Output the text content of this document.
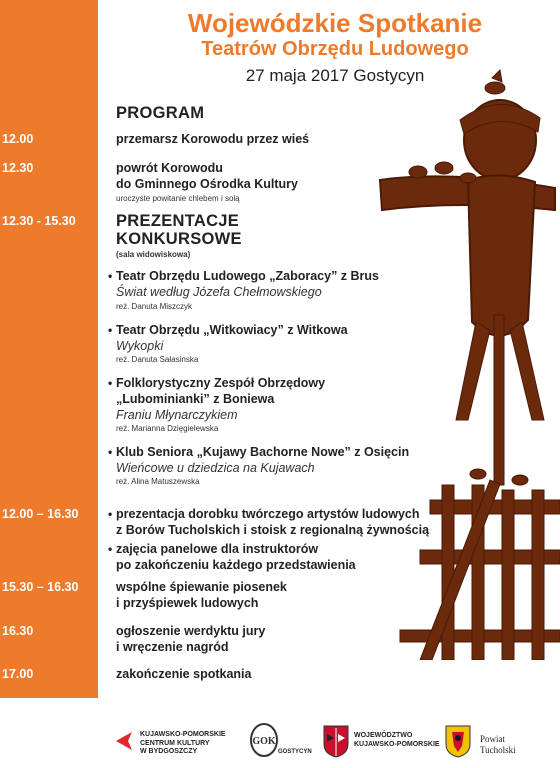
Wojewódzkie Spotkanie
Teatrów Obrzędu Ludowego
27 maja 2017 Gostycyn
PROGRAM
12.00	przemarsz Korowodu przez wieś
12.30	powrót Korowodu
do Gminnego Ośrodka Kultury
uroczyste powitanie chlebem i solą
12.30 - 15.30 PREZENTACJE
KONKURSOWE
(sala widowiskowa)
• Teatr Obrzędu Ludowego „Zaboracy” z Brus
Świat według Józefa Chełmowskiego
reż. Danuta Miszczyk
• Teatr Obrzędu „Witkowiacy” z Witkowa
Wykopki
reż. Danuta Sałasinska
• Folklorystyczny Zespół Obrzędowy
„Lubominianki” z Boniewa
Franiu Młynarczykiem
reż. Marianna Dzięgielewska
• Klub Seniora „Kujawy Bachorne Nowe” z Osięcin
Wieńcowe u dziedzica na Kujawach
reż. Alina Matuszewska
12.00 – 16.30 • prezentacja dorobku twórczego artystów ludowych
z Borów Tucholskich i stoisk z regionalną żywnością
• zajęcia panelowe dla instruktorów
po zakończeniu każdego przedstawienia
15.30 – 16.30	wspólne śpiewanie piosenek
i przyśpiewek ludowych
16.30	ogłoszenie werdyktu jury
i wręczenie nagród
17.00	zakończenie spotkania
KUJAWSKO-POMORSKIE
CENTRUM KULTURY
W BYDGOSZCZY
GOK
GOSTYCYN
WOJEWÓDZTWO
KUJAWSKO-POMORSKIE	Powiat
Tucholski
